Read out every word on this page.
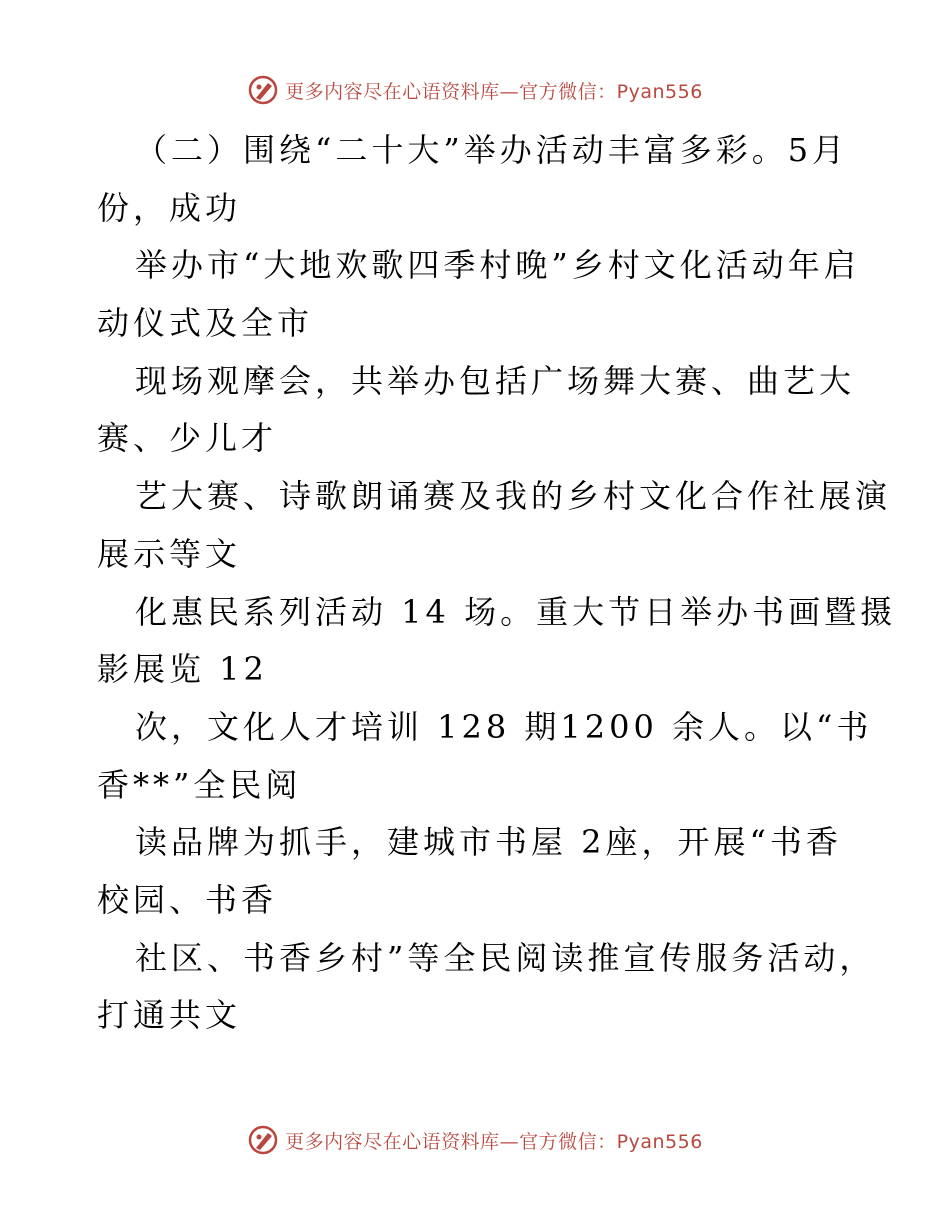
更多内容尽在心语资料库—官方微信：Pyan556
（二）围绕“二十大”举办活动丰富多彩。5月
份，成功
举办市“大地欢歌四季村晚”乡村文化活动年启
动仪式及全市
现场观摩会，共举办包括广场舞大赛、曲艺大
赛、少儿才
艺大赛、诗歌朗诵赛及我的乡村文化合作社展演
展示等文
化惠民系列活动 14 场。重大节日举办书画暨摄
影展览 12
次，文化人才培训 128 期1200 余人。以“书
香**”全民阅
读品牌为抓手，建城市书屋 2座，开展“书香
校园、书香
社区、书香乡村”等全民阅读推宣传服务活动，
打通共文
更多内容尽在心语资料库—官方微信：Pyan556
